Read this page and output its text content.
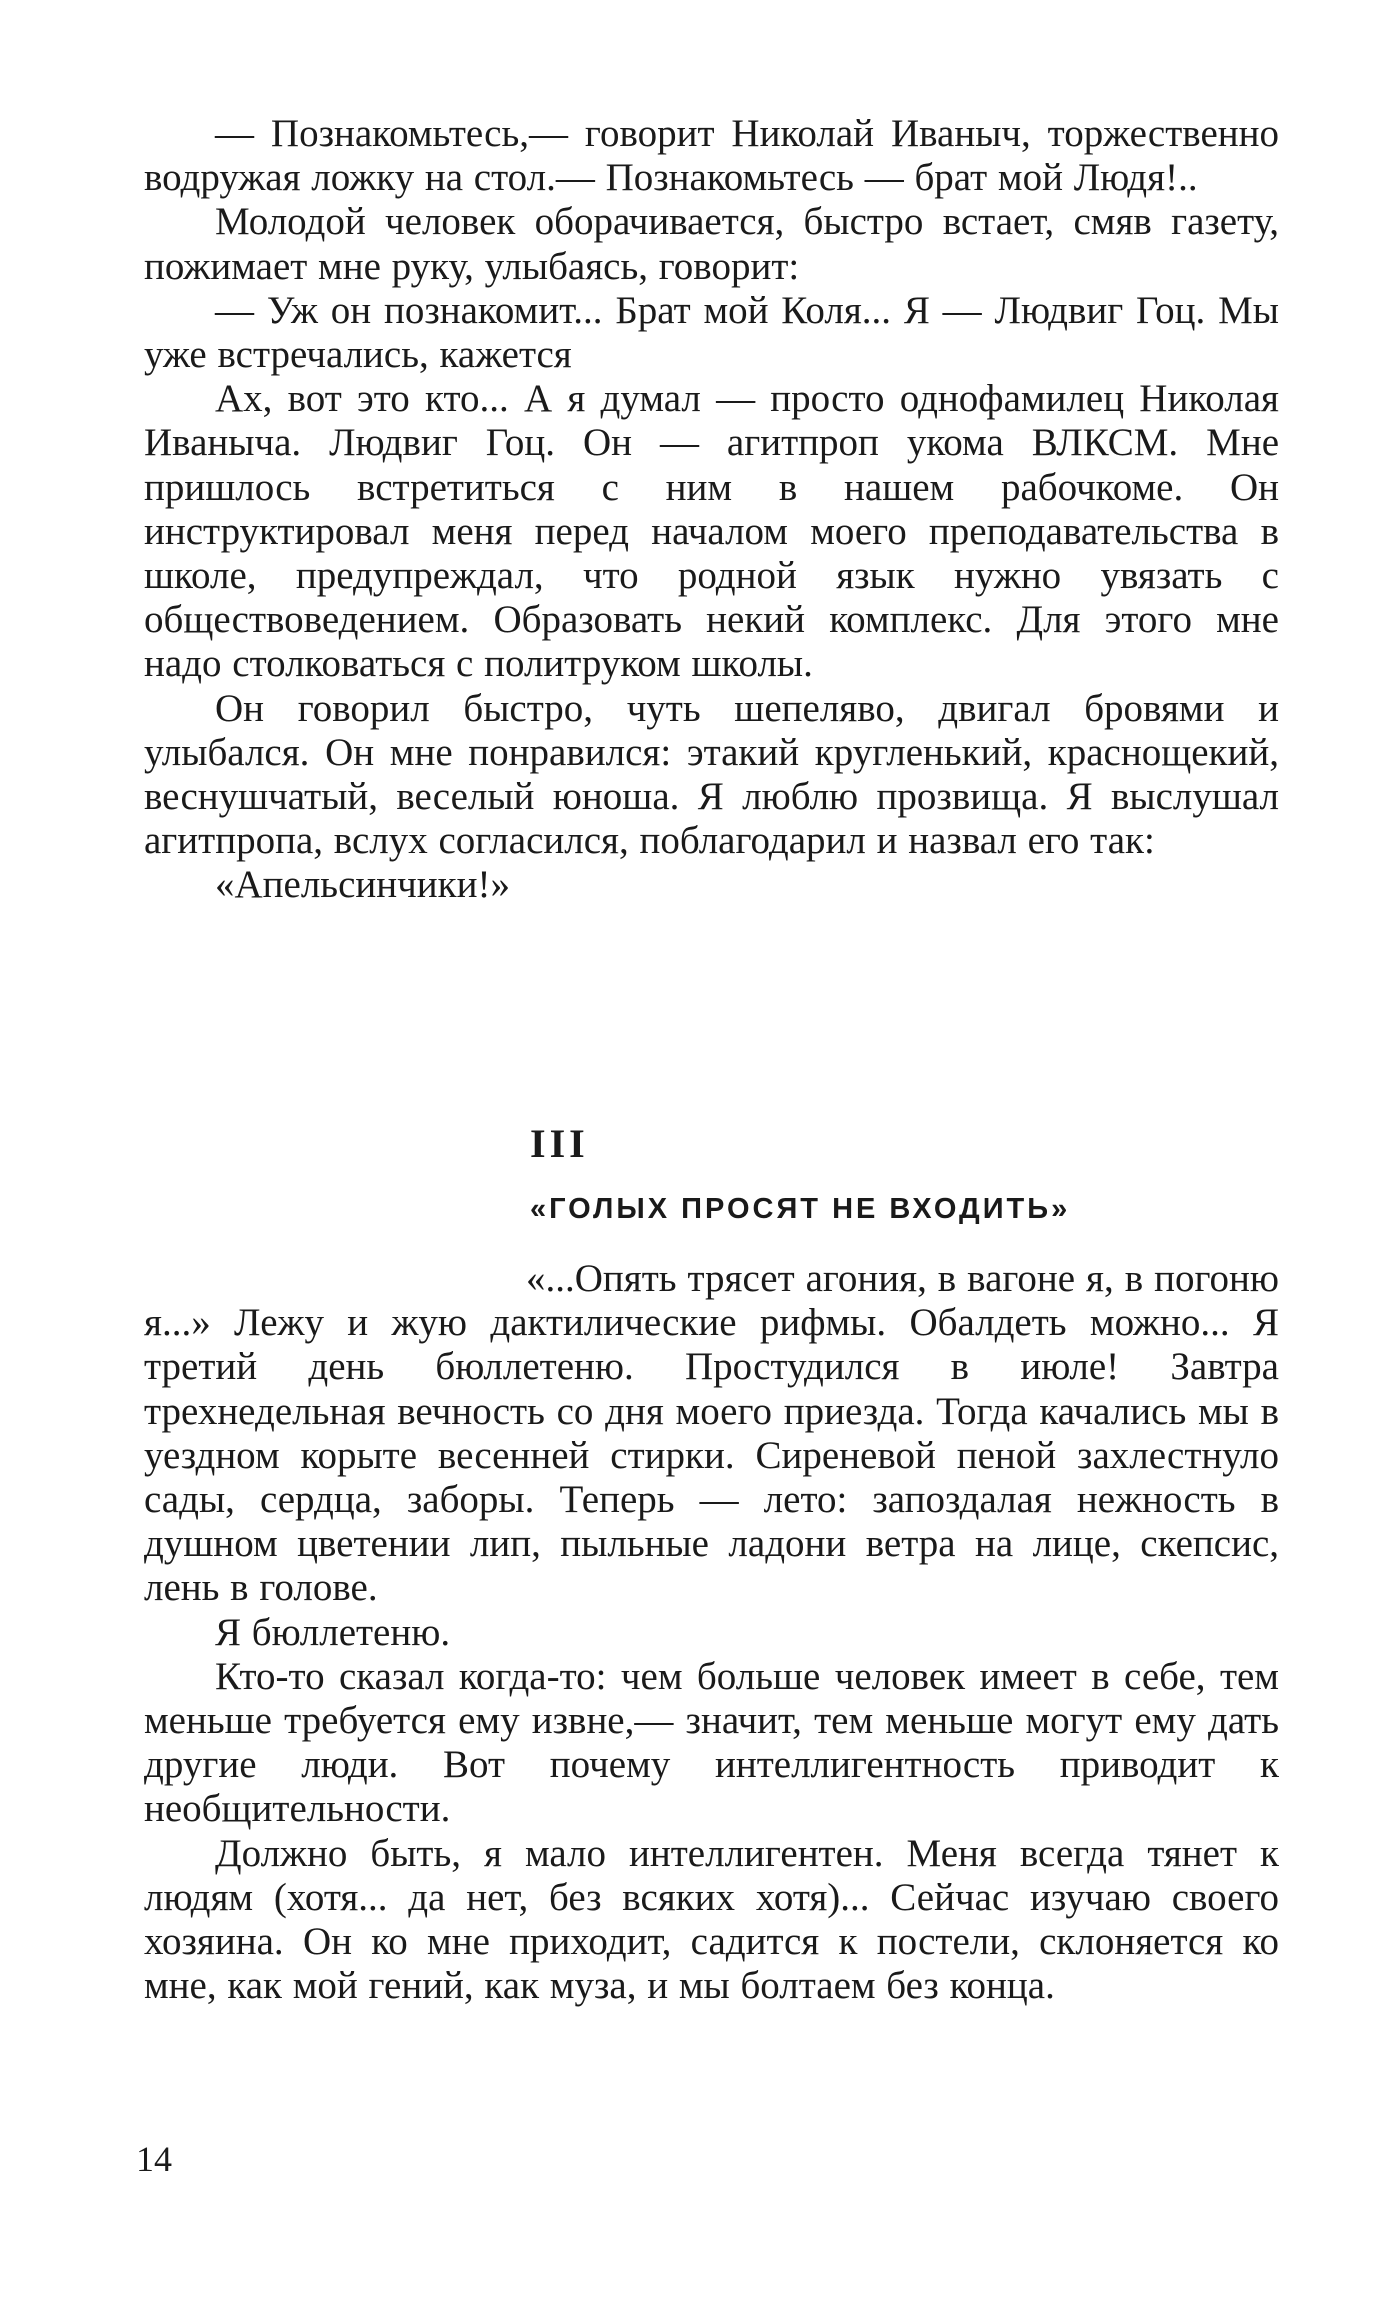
— Познакомьтесь,— говорит Николай Иваныч, торжественно водружая ложку на стол.— Познакомьтесь — брат мой Людя!..

Молодой человек оборачивается, быстро встает, смяв газету, пожимает мне руку, улыбаясь, говорит:

— Уж он познакомит... Брат мой Коля... Я — Людвиг Гоц. Мы уже встречались, кажется

Ах, вот это кто... А я думал — просто однофамилец Николая Иваныча. Людвиг Гоц. Он — агитпроп укома ВЛКСМ. Мне пришлось встретиться с ним в нашем рабочкоме. Он инструктировал меня перед началом моего преподавательства в школе, предупреждал, что родной язык нужно увязать с обществоведением. Образовать некий комплекс. Для этого мне надо столковаться с политруком школы.

Он говорил быстро, чуть шепеляво, двигал бровями и улыбался. Он мне понравился: этакий кругленький, краснощекий, веснушчатый, веселый юноша. Я люблю прозвища. Я выслушал агитпропа, вслух согласился, поблагодарил и назвал его так:

«Апельсинчики!»

III
«ГОЛЫХ ПРОСЯТ НЕ ВХОДИТЬ»

«...Опять трясет агония, в вагоне я, в погоню я...» Лежу и жую дактилические рифмы. Обалдеть можно... Я третий день бюллетеню. Простудился в июле! Завтра трехнедельная вечность со дня моего приезда. Тогда качались мы в уездном корыте весенней стирки. Сиреневой пеной захлестнуло сады, сердца, заборы. Теперь — лето: запоздалая нежность в душном цветении лип, пыльные ладони ветра на лице, скепсис, лень в голове.

Я бюллетеню.

Кто-то сказал когда-то: чем больше человек имеет в себе, тем меньше требуется ему извне,— значит, тем меньше могут ему дать другие люди. Вот почему интеллигентность приводит к необщительности.

Должно быть, я мало интеллигентен. Меня всегда тянет к людям (хотя... да нет, без всяких хотя)... Сейчас изучаю своего хозяина. Он ко мне приходит, садится к постели, склоняется ко мне, как мой гений, как муза, и мы болтаем без конца.

14
